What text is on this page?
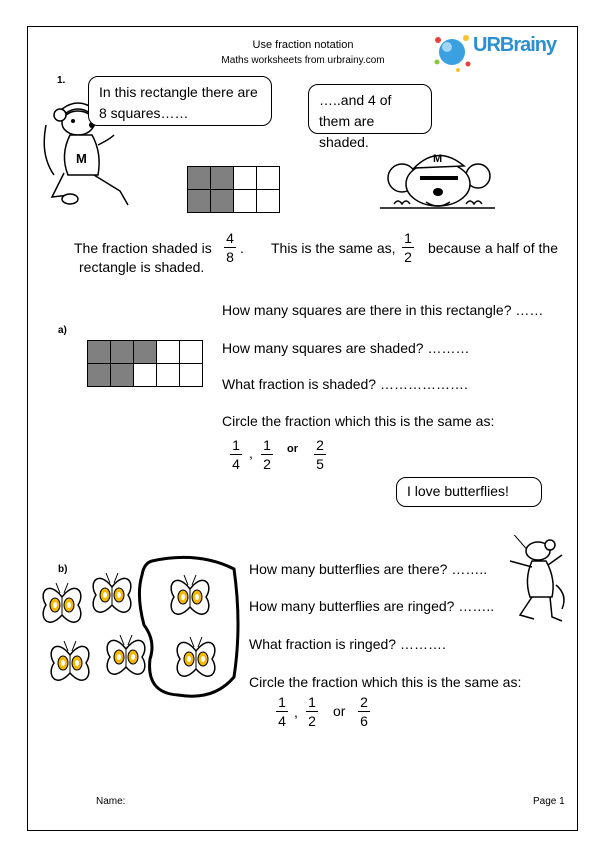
Use fraction notation
Maths worksheets from urbrainy.com
URBrainy
1.
M
In this rectangle there are 8 squares……

…..and 4 of them are shaded.
M
The fraction shaded is
4
8
. This is the same as,
1
2
because a half of the
rectangle is shaded.
How many squares are there in this rectangle? ……
a)

How many squares are shaded? ………
What fraction is shaded? ……………….
Circle the fraction which this is the same as:
1
4
, 1
2
or 2
5
I love butterflies!
b)	How many butterflies are there? ……..
How many butterflies are ringed? ……..
What fraction is ringed? ……….
Circle the fraction which this is the same as:
1
4
,
1
2
or
2
6
Name:	Page 1
